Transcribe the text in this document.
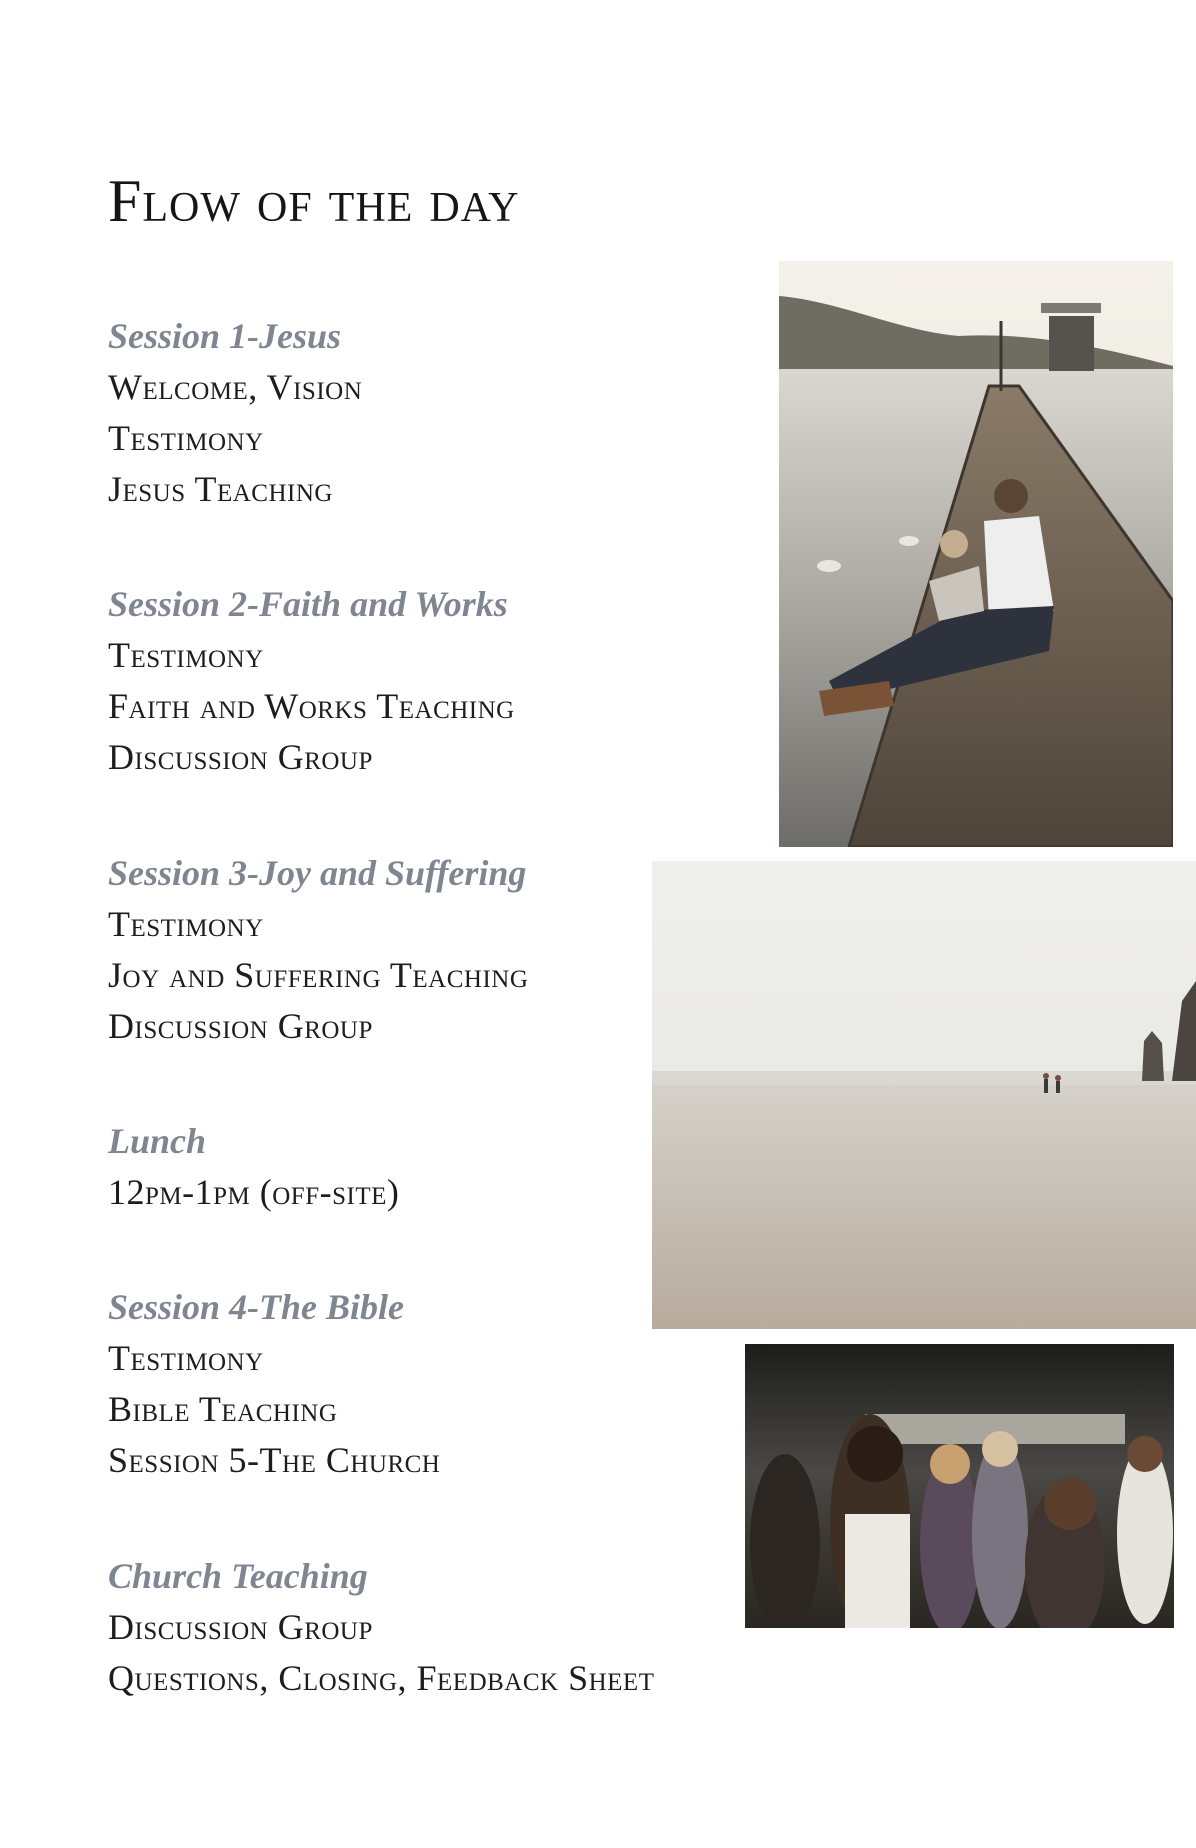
Flow of the day
Session 1-Jesus
Welcome, Vision
Testimony
Jesus Teaching
Session 2-Faith and Works
Testimony
Faith and Works Teaching
Discussion Group
Session 3-Joy and Suffering
Testimony
Joy and Suffering Teaching
Discussion Group
Lunch
12pm-1pm (off-site)
Session 4-The Bible
Testimony
Bible Teaching
Session 5-The Church
Church Teaching
Discussion Group
Questions, Closing, Feedback Sheet
